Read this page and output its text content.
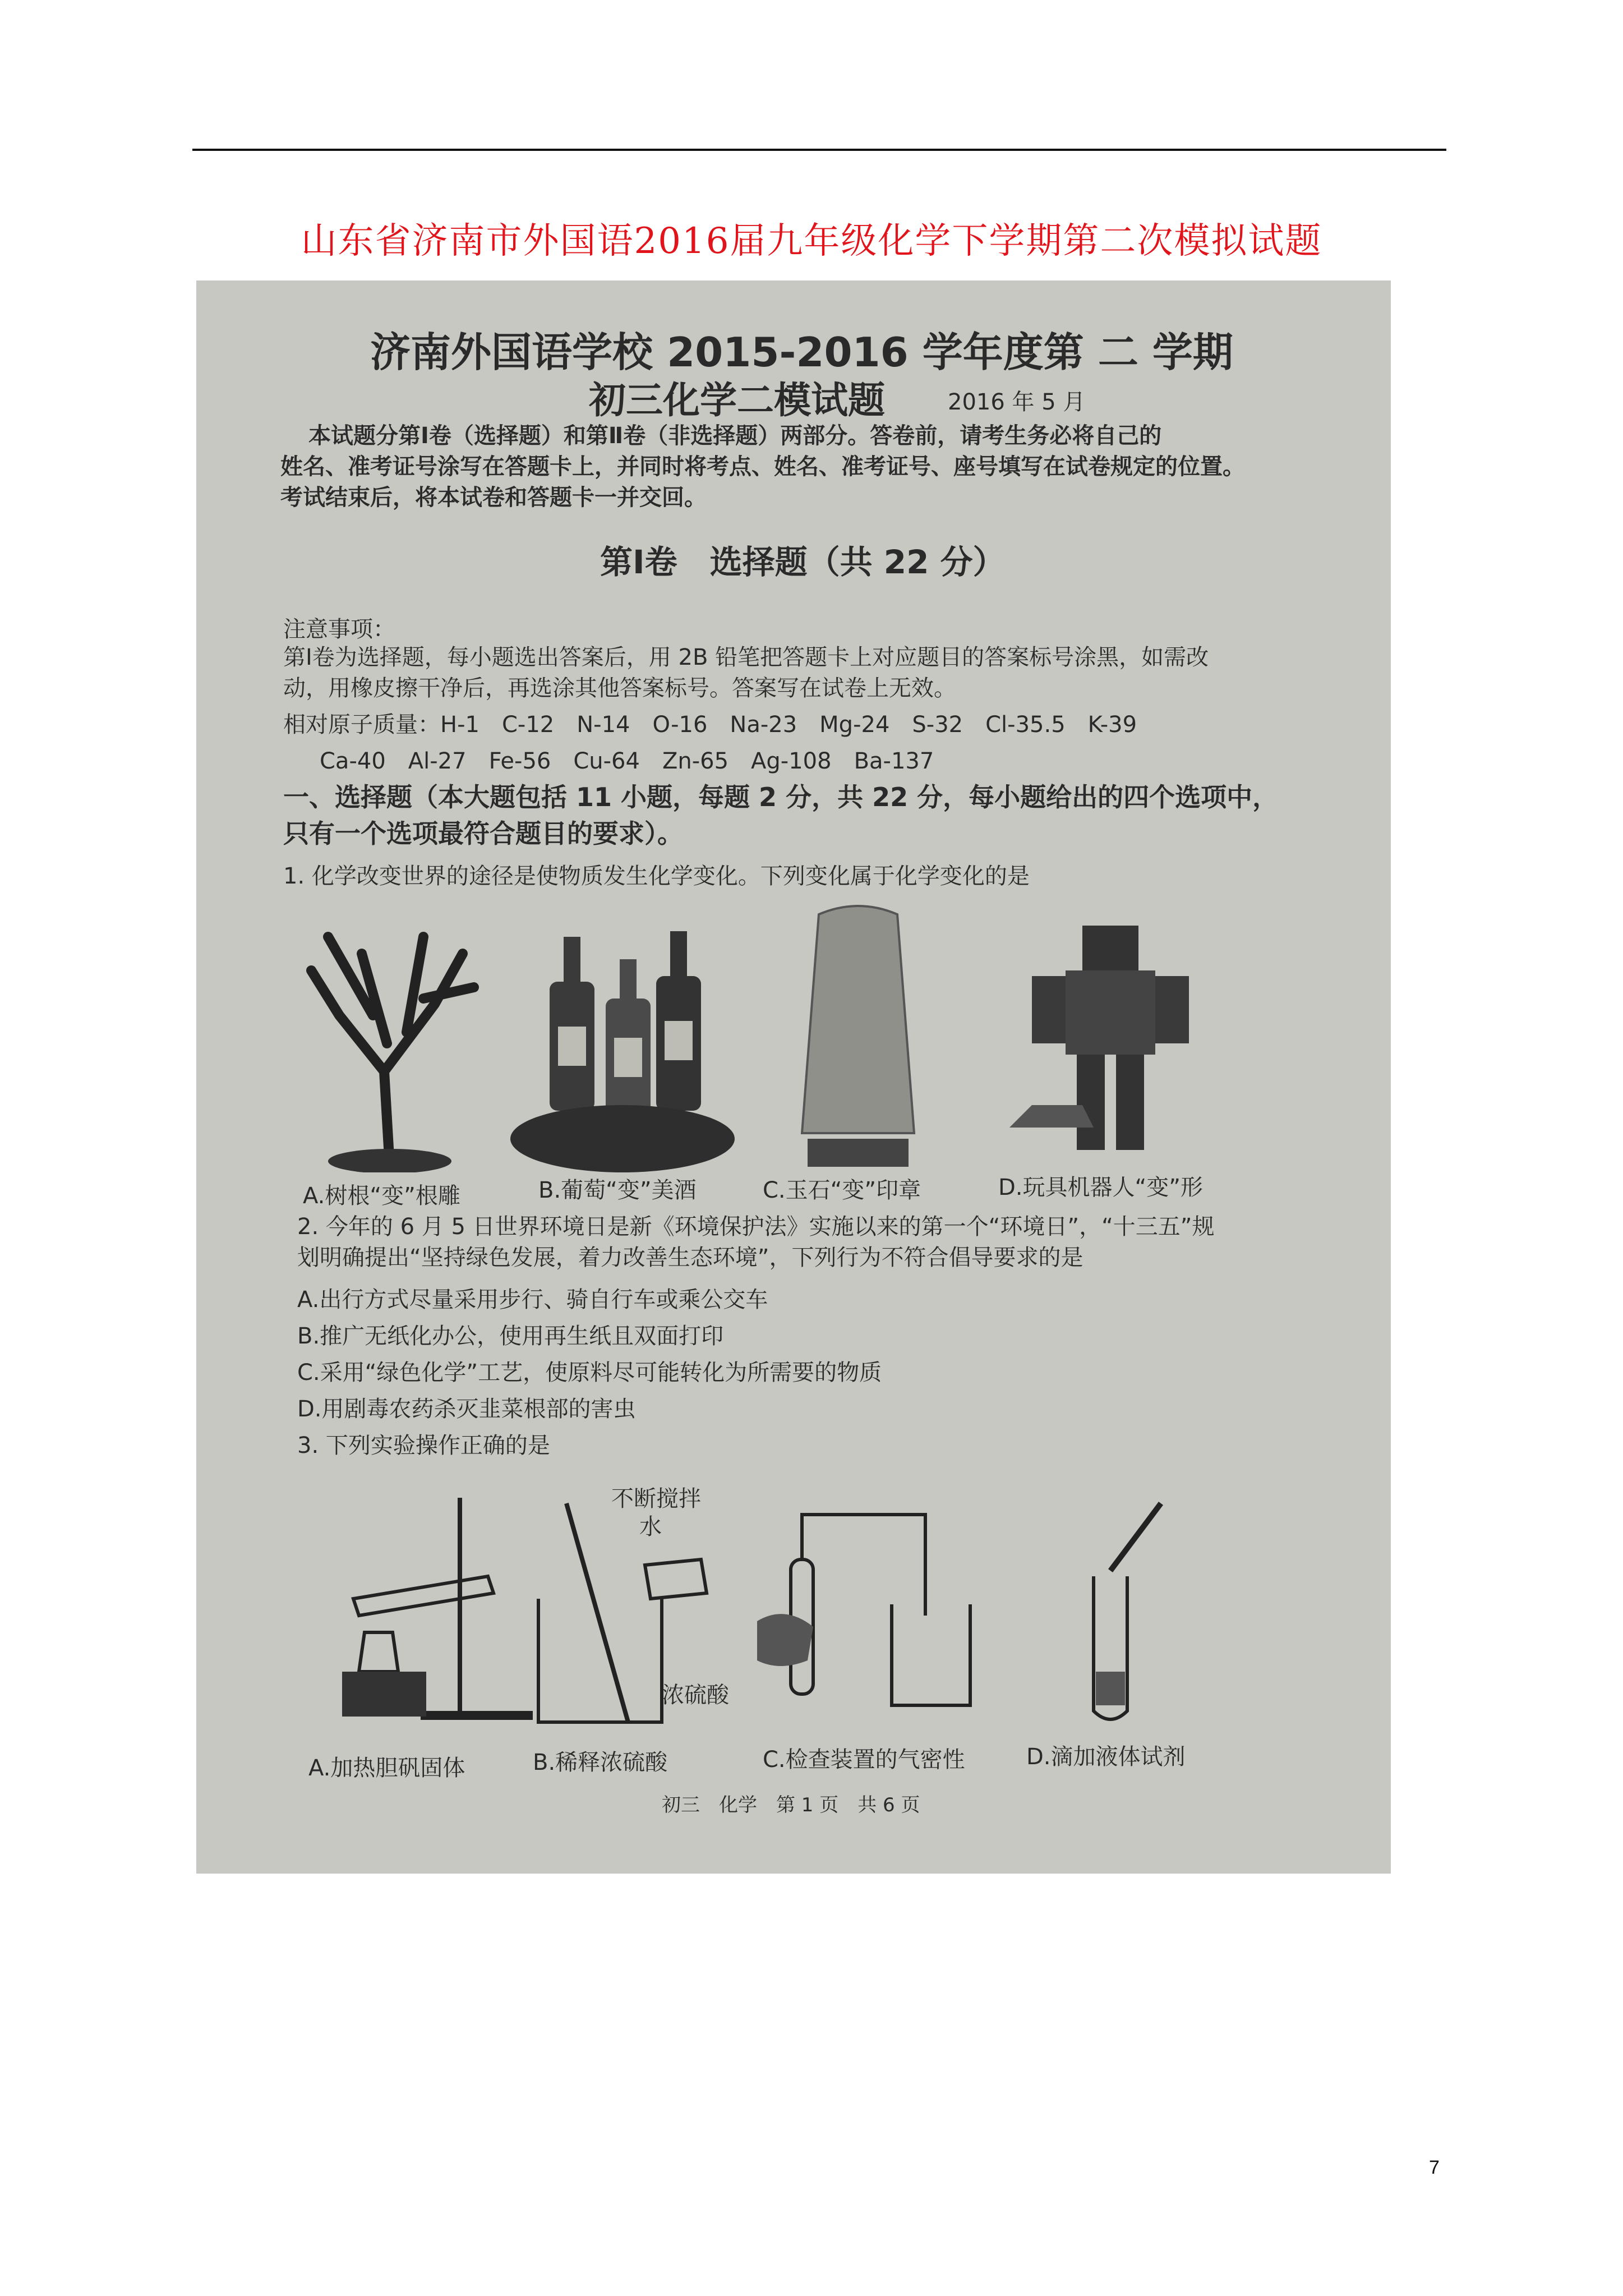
山东省济南市外国语2016届九年级化学下学期第二次模拟试题
济南外国语学校 2015-2016 学年度第 二 学期
初三化学二模试题	2016 年 5 月
本试题分第Ⅰ卷（选择题）和第Ⅱ卷（非选择题）两部分。答卷前，请考生务必将自己的
姓名、准考证号涂写在答题卡上，并同时将考点、姓名、准考证号、座号填写在试卷规定的位置。
考试结束后，将本试卷和答题卡一并交回。
第Ⅰ卷　选择题（共 22 分）
注意事项：
第Ⅰ卷为选择题，每小题选出答案后，用 2B 铅笔把答题卡上对应题目的答案标号涂黑，如需改
动，用橡皮擦干净后，再选涂其他答案标号。答案写在试卷上无效。
相对原子质量：H-1　C-12　N-14　O-16　Na-23　Mg-24　S-32　Cl-35.5　K-39
Ca-40　Al-27　Fe-56　Cu-64　Zn-65　Ag-108　Ba-137
一、选择题（本大题包括 11 小题，每题 2 分，共 22 分，每小题给出的四个选项中，
只有一个选项最符合题目的要求）。
1. 化学改变世界的途径是使物质发生化学变化。下列变化属于化学变化的是
A.树根“变”根雕	B.葡萄“变”美酒	C.玉石“变”印章	D.玩具机器人“变”形
2. 今年的 6 月 5 日世界环境日是新《环境保护法》实施以来的第一个“环境日”，“十三五”规
划明确提出“坚持绿色发展，着力改善生态环境”，下列行为不符合倡导要求的是
A.出行方式尽量采用步行、骑自行车或乘公交车
B.推广无纸化办公，使用再生纸且双面打印
C.采用“绿色化学”工艺，使原料尽可能转化为所需要的物质
D.用剧毒农药杀灭韭菜根部的害虫
3. 下列实验操作正确的是
不断搅拌
水
浓硫酸
A.加热胆矾固体	B.稀释浓硫酸	C.检查装置的气密性	D.滴加液体试剂
初三　化学　第 1 页　共 6 页
7
